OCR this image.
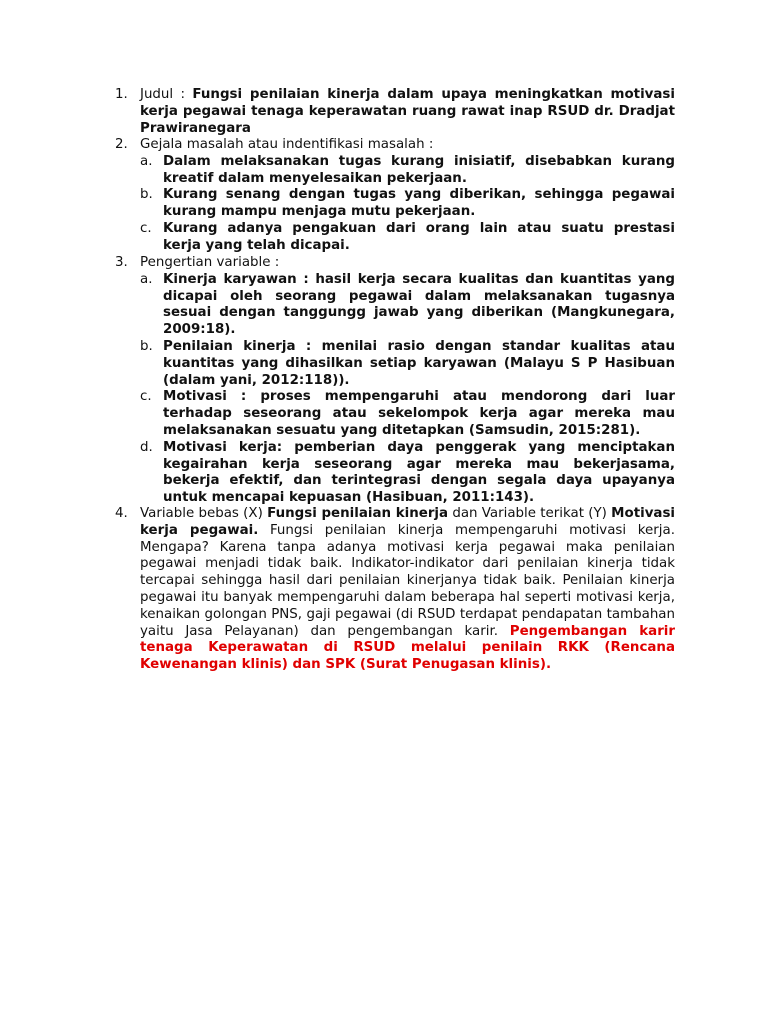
1. Judul : Fungsi penilaian kinerja dalam upaya meningkatkan motivasi kerja pegawai tenaga keperawatan ruang rawat inap RSUD dr. Dradjat Prawiranegara
2. Gejala masalah atau indentifikasi masalah :
a. Dalam melaksanakan tugas kurang inisiatif, disebabkan kurang kreatif dalam menyelesaikan pekerjaan.
b. Kurang senang dengan tugas yang diberikan, sehingga pegawai kurang mampu menjaga mutu pekerjaan.
c. Kurang adanya pengakuan dari orang lain atau suatu prestasi kerja yang telah dicapai.
3. Pengertian variable :
a. Kinerja karyawan : hasil kerja secara kualitas dan kuantitas yang dicapai oleh seorang pegawai dalam melaksanakan tugasnya sesuai dengan tanggungg jawab yang diberikan (Mangkunegara, 2009:18).
b. Penilaian kinerja : menilai rasio dengan standar kualitas atau kuantitas yang dihasilkan setiap karyawan (Malayu S P Hasibuan (dalam yani, 2012:118)).
c. Motivasi : proses mempengaruhi atau mendorong dari luar terhadap seseorang atau sekelompok kerja agar mereka mau melaksanakan sesuatu yang ditetapkan (Samsudin, 2015:281).
d. Motivasi kerja: pemberian daya penggerak yang menciptakan kegairahan kerja seseorang agar mereka mau bekerjasama, bekerja efektif, dan terintegrasi dengan segala daya upayanya untuk mencapai kepuasan (Hasibuan, 2011:143).
4. Variable bebas (X) Fungsi penilaian kinerja dan Variable terikat (Y) Motivasi kerja pegawai. Fungsi penilaian kinerja mempengaruhi motivasi kerja. Mengapa? Karena tanpa adanya motivasi kerja pegawai maka penilaian pegawai menjadi tidak baik. Indikator-indikator dari penilaian kinerja tidak tercapai sehingga hasil dari penilaian kinerjanya tidak baik. Penilaian kinerja pegawai itu banyak mempengaruhi dalam beberapa hal seperti motivasi kerja, kenaikan golongan PNS, gaji pegawai (di RSUD terdapat pendapatan tambahan yaitu Jasa Pelayanan) dan pengembangan karir. Pengembangan karir tenaga Keperawatan di RSUD melalui penilain RKK (Rencana Kewenangan klinis) dan SPK (Surat Penugasan klinis).
